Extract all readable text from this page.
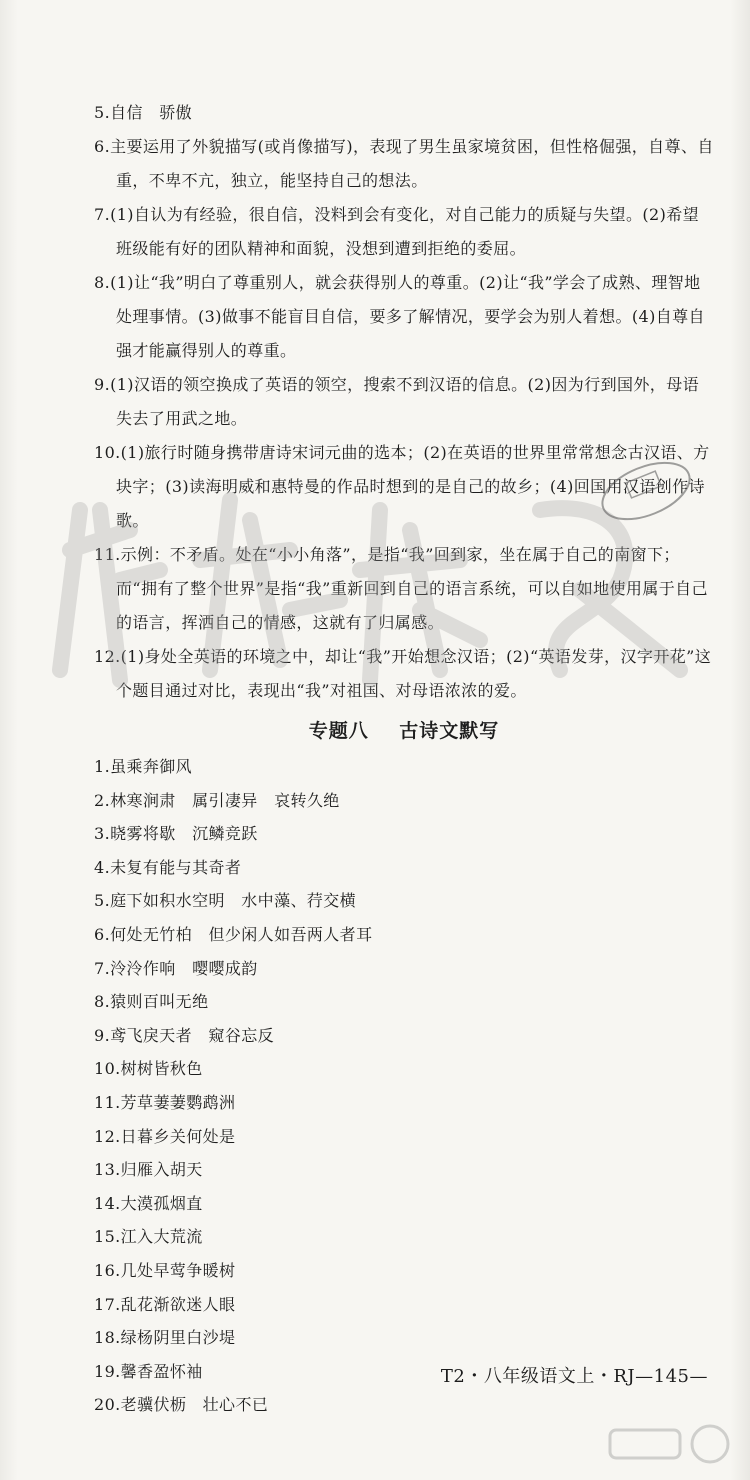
5.自信　骄傲
6.主要运用了外貌描写(或肖像描写)，表现了男生虽家境贫困，但性格倔强，自尊、自重，不卑不亢，独立，能坚持自己的想法。
7.(1)自认为有经验，很自信，没料到会有变化，对自己能力的质疑与失望。(2)希望班级能有好的团队精神和面貌，没想到遭到拒绝的委屈。
8.(1)让“我”明白了尊重别人，就会获得别人的尊重。(2)让“我”学会了成熟、理智地处理事情。(3)做事不能盲目自信，要多了解情况，要学会为别人着想。(4)自尊自强才能赢得别人的尊重。
9.(1)汉语的领空换成了英语的领空，搜索不到汉语的信息。(2)因为行到国外，母语失去了用武之地。
10.(1)旅行时随身携带唐诗宋词元曲的选本；(2)在英语的世界里常常想念古汉语、方块字；(3)读海明威和惠特曼的作品时想到的是自己的故乡；(4)回国用汉语创作诗歌。
11.示例：不矛盾。处在“小小角落”，是指“我”回到家，坐在属于自己的南窗下；而“拥有了整个世界”是指“我”重新回到自己的语言系统，可以自如地使用属于自己的语言，挥洒自己的情感，这就有了归属感。
12.(1)身处全英语的环境之中，却让“我”开始想念汉语；(2)“英语发芽，汉字开花”这个题目通过对比，表现出“我”对祖国、对母语浓浓的爱。
专题八 古诗文默写
1.虽乘奔御风
2.林寒涧肃　属引凄异　哀转久绝
3.晓雾将歇　沉鳞竞跃
4.未复有能与其奇者
5.庭下如积水空明　水中藻、荇交横
6.何处无竹柏　但少闲人如吾两人者耳
7.泠泠作响　嘤嘤成韵
8.猿则百叫无绝
9.鸢飞戾天者　窥谷忘反
10.树树皆秋色
11.芳草萋萋鹦鹉洲
12.日暮乡关何处是
13.归雁入胡天
14.大漠孤烟直
15.江入大荒流
16.几处早莺争暖树
17.乱花渐欲迷人眼
18.绿杨阴里白沙堤
19.馨香盈怀袖
20.老骥伏枥　壮心不已
T2・八年级语文上・RJ—145—
